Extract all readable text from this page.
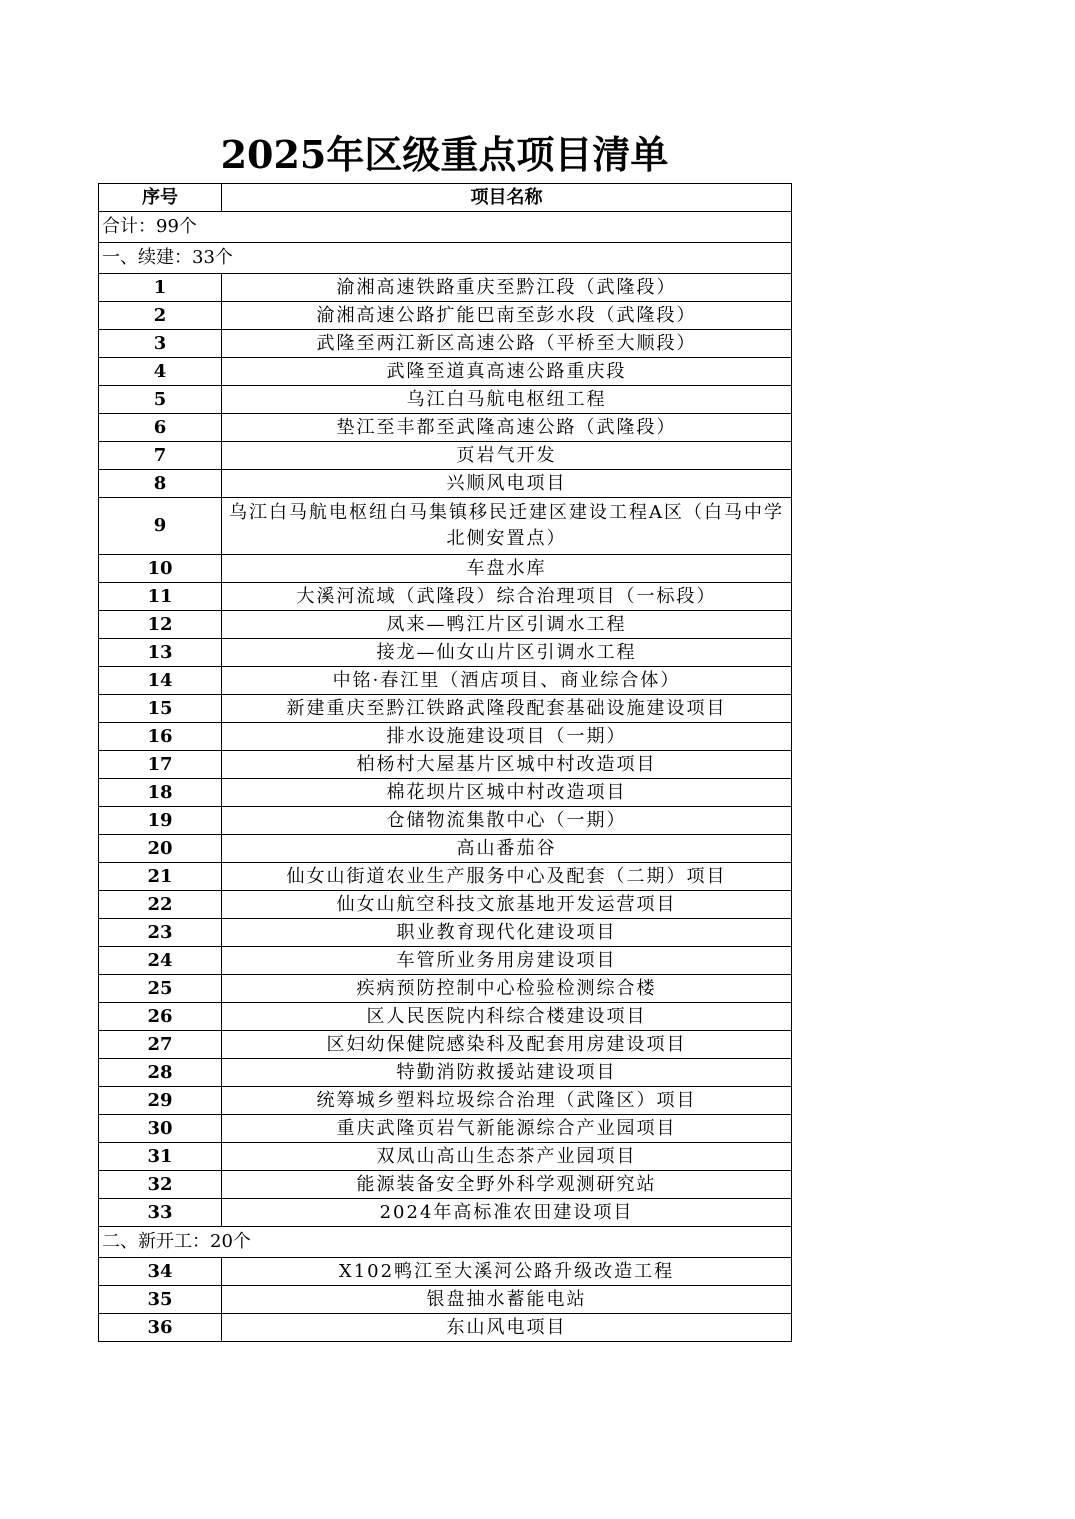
2025年区级重点项目清单
序号	项目名称
合计：99个	
一、续建：33个	
1	渝湘高速铁路重庆至黔江段（武隆段）
2	渝湘高速公路扩能巴南至彭水段（武隆段）
3	武隆至两江新区高速公路（平桥至大顺段）
4	武隆至道真高速公路重庆段
5	乌江白马航电枢纽工程
6	垫江至丰都至武隆高速公路（武隆段）
7	页岩气开发
8	兴顺风电项目
9	乌江白马航电枢纽白马集镇移民迁建区建设工程A区（白马中学北侧安置点）
10	车盘水库
11	大溪河流域（武隆段）综合治理项目（一标段）
12	凤来—鸭江片区引调水工程
13	接龙—仙女山片区引调水工程
14	中铭·春江里（酒店项目、商业综合体）
15	新建重庆至黔江铁路武隆段配套基础设施建设项目
16	排水设施建设项目（一期）
17	柏杨村大屋基片区城中村改造项目
18	棉花坝片区城中村改造项目
19	仓储物流集散中心（一期）
20	高山番茄谷
21	仙女山街道农业生产服务中心及配套（二期）项目
22	仙女山航空科技文旅基地开发运营项目
23	职业教育现代化建设项目
24	车管所业务用房建设项目
25	疾病预防控制中心检验检测综合楼
26	区人民医院内科综合楼建设项目
27	区妇幼保健院感染科及配套用房建设项目
28	特勤消防救援站建设项目
29	统筹城乡塑料垃圾综合治理（武隆区）项目
30	重庆武隆页岩气新能源综合产业园项目
31	双凤山高山生态茶产业园项目
32	能源装备安全野外科学观测研究站
33	2024年高标准农田建设项目
二、新开工：20个	
34	X102鸭江至大溪河公路升级改造工程
35	银盘抽水蓄能电站
36	东山风电项目
